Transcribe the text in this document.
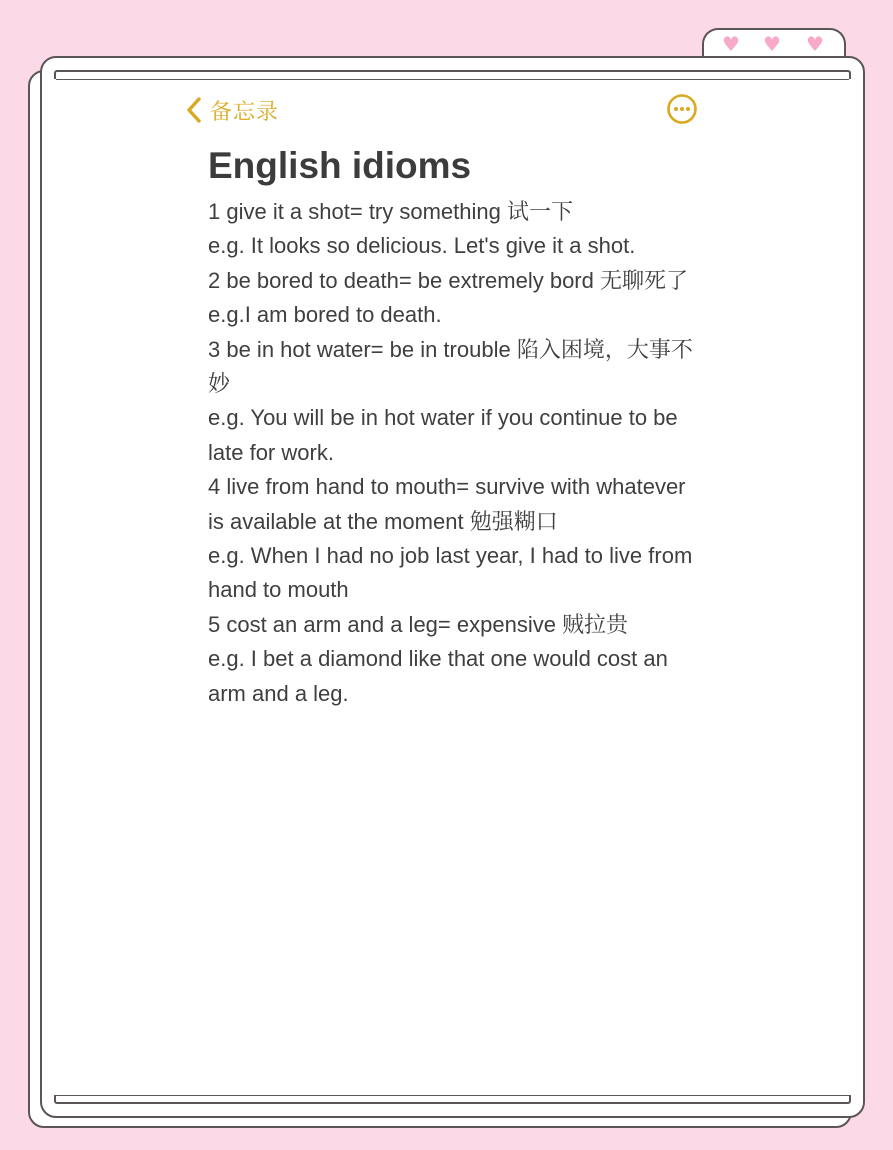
♥ ♥ ♥
备忘录
English idioms

1 give it a shot= try something 试一下

e.g. It looks so delicious. Let's give it a shot.

2 be bored to death= be extremely bord 无聊死了

e.g.I am bored to death.

3 be in hot water= be in trouble 陷入困境，大事不妙

e.g. You will be in hot water if you continue to be late for work.

4 live from hand to mouth= survive with whatever is available at the moment 勉强糊口

e.g. When I had no job last year, I had to live from hand to mouth

5 cost an arm and a leg= expensive 贼拉贵

e.g. I bet a diamond like that one would cost an arm and a leg.
